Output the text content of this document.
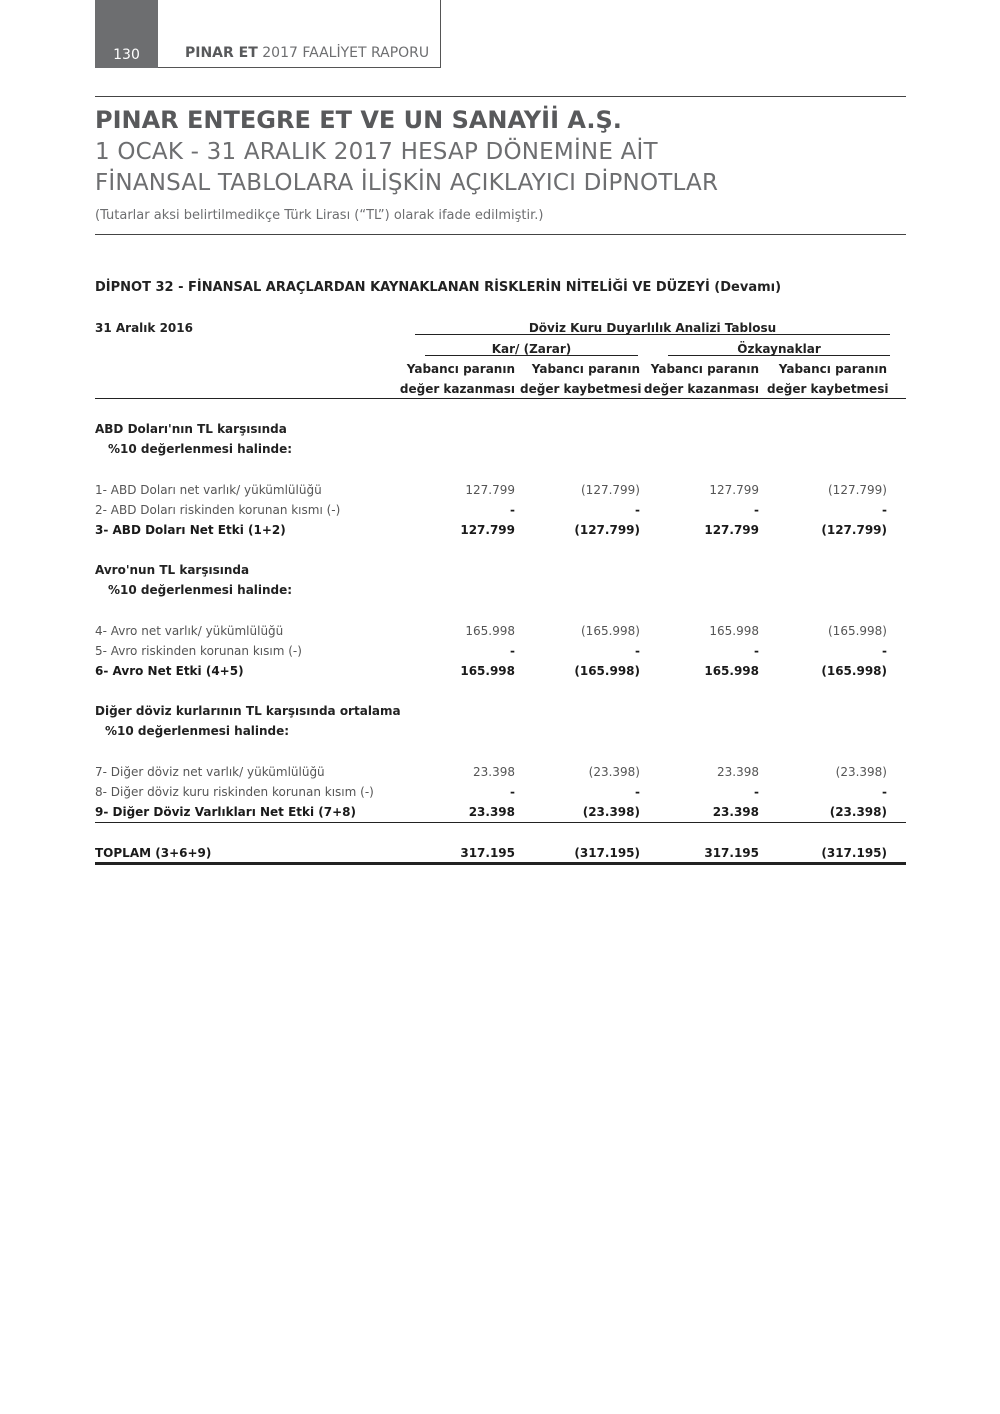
130	PINAR ET 2017 FAALİYET RAPORU
PINAR ENTEGRE ET VE UN SANAYİİ A.Ş.
1 OCAK - 31 ARALIK 2017 HESAP DÖNEMİNE AİT
FİNANSAL TABLOLARA İLİŞKİN AÇIKLAYICI DİPNOTLAR
(Tutarlar aksi belirtilmedikçe Türk Lirası (“TL”) olarak ifade edilmiştir.)
DİPNOT 32 - FİNANSAL ARAÇLARDAN KAYNAKLANAN RİSKLERİN NİTELİĞİ VE DÜZEYİ (Devamı)
31 Aralık 2016	Döviz Kuru Duyarlılık Analizi Tablosu
Kar/ (Zarar)	Özkaynaklar
Yabancı paranın
değer kazanması
Yabancı paranın
değer kaybetmesi
Yabancı paranın
değer kazanması
Yabancı paranın
değer kaybetmesi
ABD Doları'nın TL karşısında
%10 değerlenmesi halinde:
1- ABD Doları net varlık/ yükümlülüğü	127.799	(127.799)	127.799	(127.799)
2- ABD Doları riskinden korunan kısmı (-)	-	-	-	-
3- ABD Doları Net Etki (1+2)	127.799	(127.799)	127.799	(127.799)
Avro'nun TL karşısında
%10 değerlenmesi halinde:
4- Avro net varlık/ yükümlülüğü	165.998	(165.998)	165.998	(165.998)
5- Avro riskinden korunan kısım (-)	-	-	-	-
6- Avro Net Etki (4+5)	165.998	(165.998)	165.998	(165.998)
Diğer döviz kurlarının TL karşısında ortalama
%10 değerlenmesi halinde:
7- Diğer döviz net varlık/ yükümlülüğü	23.398	(23.398)	23.398	(23.398)
8- Diğer döviz kuru riskinden korunan kısım (-)	-	-	-	-
9- Diğer Döviz Varlıkları Net Etki (7+8)	23.398	(23.398)	23.398	(23.398)
TOPLAM (3+6+9)	317.195	(317.195)	317.195	(317.195)
